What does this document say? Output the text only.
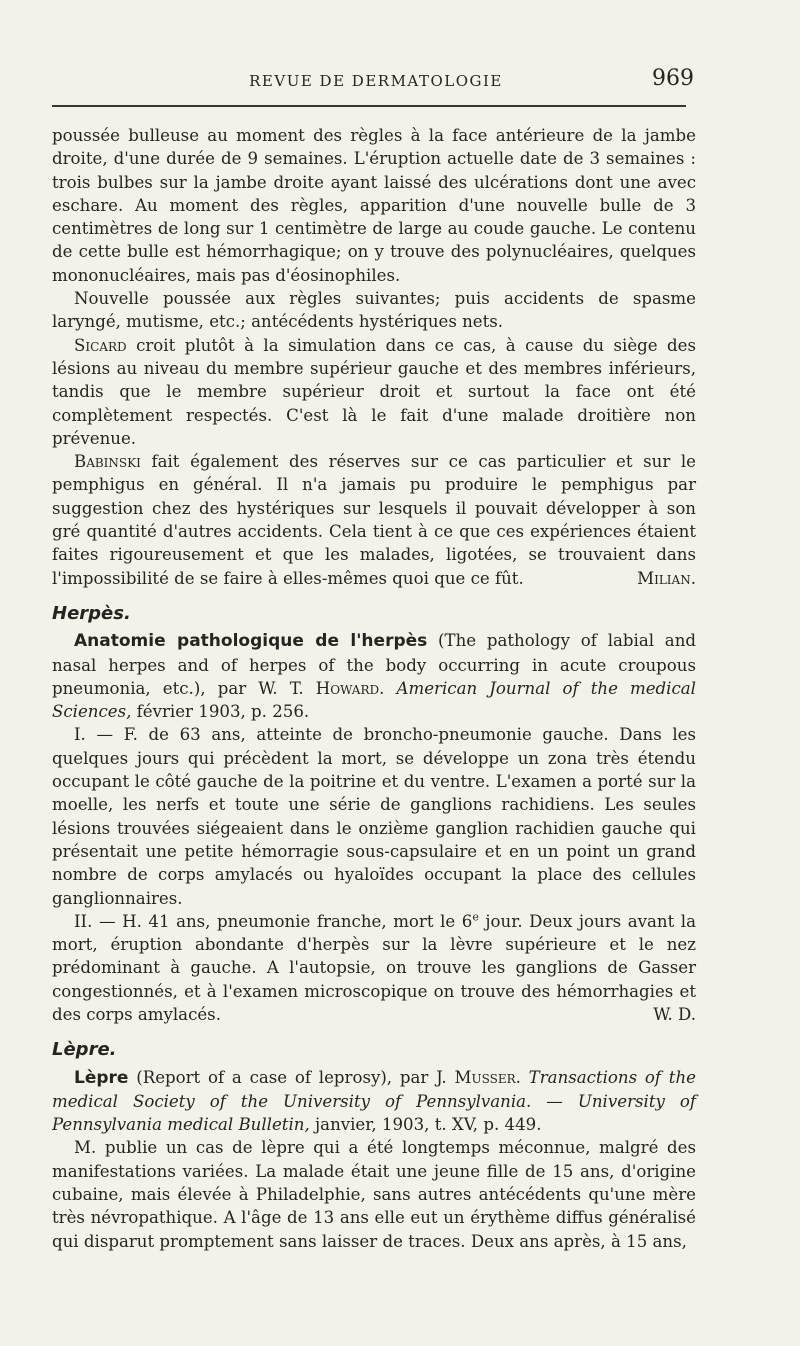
REVUE DE DERMATOLOGIE	969

poussée bulleuse au moment des règles à la face antérieure de la jambe droite, d'une durée de 9 semaines. L'éruption actuelle date de 3 semaines : trois bulbes sur la jambe droite ayant laissé des ulcérations dont une avec eschare. Au moment des règles, apparition d'une nouvelle bulle de 3 centimètres de long sur 1 centimètre de large au coude gauche. Le contenu de cette bulle est hémorrhagique; on y trouve des polynucléaires, quelques mononucléaires, mais pas d'éosinophiles.

Nouvelle poussée aux règles suivantes; puis accidents de spasme laryngé, mutisme, etc.; antécédents hystériques nets.

Sicard croit plutôt à la simulation dans ce cas, à cause du siège des lésions au niveau du membre supérieur gauche et des membres inférieurs, tandis que le membre supérieur droit et surtout la face ont été complètement respectés. C'est là le fait d'une malade droitière non prévenue.

Babinski fait également des réserves sur ce cas particulier et sur le pemphigus en général. Il n'a jamais pu produire le pemphigus par suggestion chez des hystériques sur lesquels il pouvait développer à son gré quantité d'autres accidents. Cela tient à ce que ces expériences étaient faites rigoureusement et que les malades, ligotées, se trouvaient dans l'impossibilité de se faire à elles-mêmes quoi que ce fût.	Milian.

Herpès.

Anatomie pathologique de l'herpès (The pathology of labial and nasal herpes and of herpes of the body occurring in acute croupous pneumonia, etc.), par W. T. Howard. American Journal of the medical Sciences, février 1903, p. 256.

I. — F. de 63 ans, atteinte de broncho-pneumonie gauche. Dans les quelques jours qui précèdent la mort, se développe un zona très étendu occupant le côté gauche de la poitrine et du ventre. L'examen a porté sur la moelle, les nerfs et toute une série de ganglions rachidiens. Les seules lésions trouvées siégeaient dans le onzième ganglion rachidien gauche qui présentait une petite hémorragie sous-capsulaire et en un point un grand nombre de corps amylacés ou hyaloïdes occupant la place des cellules ganglionnaires.

II. — H. 41 ans, pneumonie franche, mort le 6e jour. Deux jours avant la mort, éruption abondante d'herpès sur la lèvre supérieure et le nez prédominant à gauche. A l'autopsie, on trouve les ganglions de Gasser congestionnés, et à l'examen microscopique on trouve des hémorrhagies et des corps amylacés.	W. D.

Lèpre.

Lèpre (Report of a case of leprosy), par J. Musser. Transactions of the medical Society of the University of Pennsylvania. — University of Pennsylvania medical Bulletin, janvier, 1903, t. XV, p. 449.

M. publie un cas de lèpre qui a été longtemps méconnue, malgré des manifestations variées. La malade était une jeune fille de 15 ans, d'origine cubaine, mais élevée à Philadelphie, sans autres antécédents qu'une mère très névropathique. A l'âge de 13 ans elle eut un érythème diffus généralisé qui disparut promptement sans laisser de traces. Deux ans après, à 15 ans,
